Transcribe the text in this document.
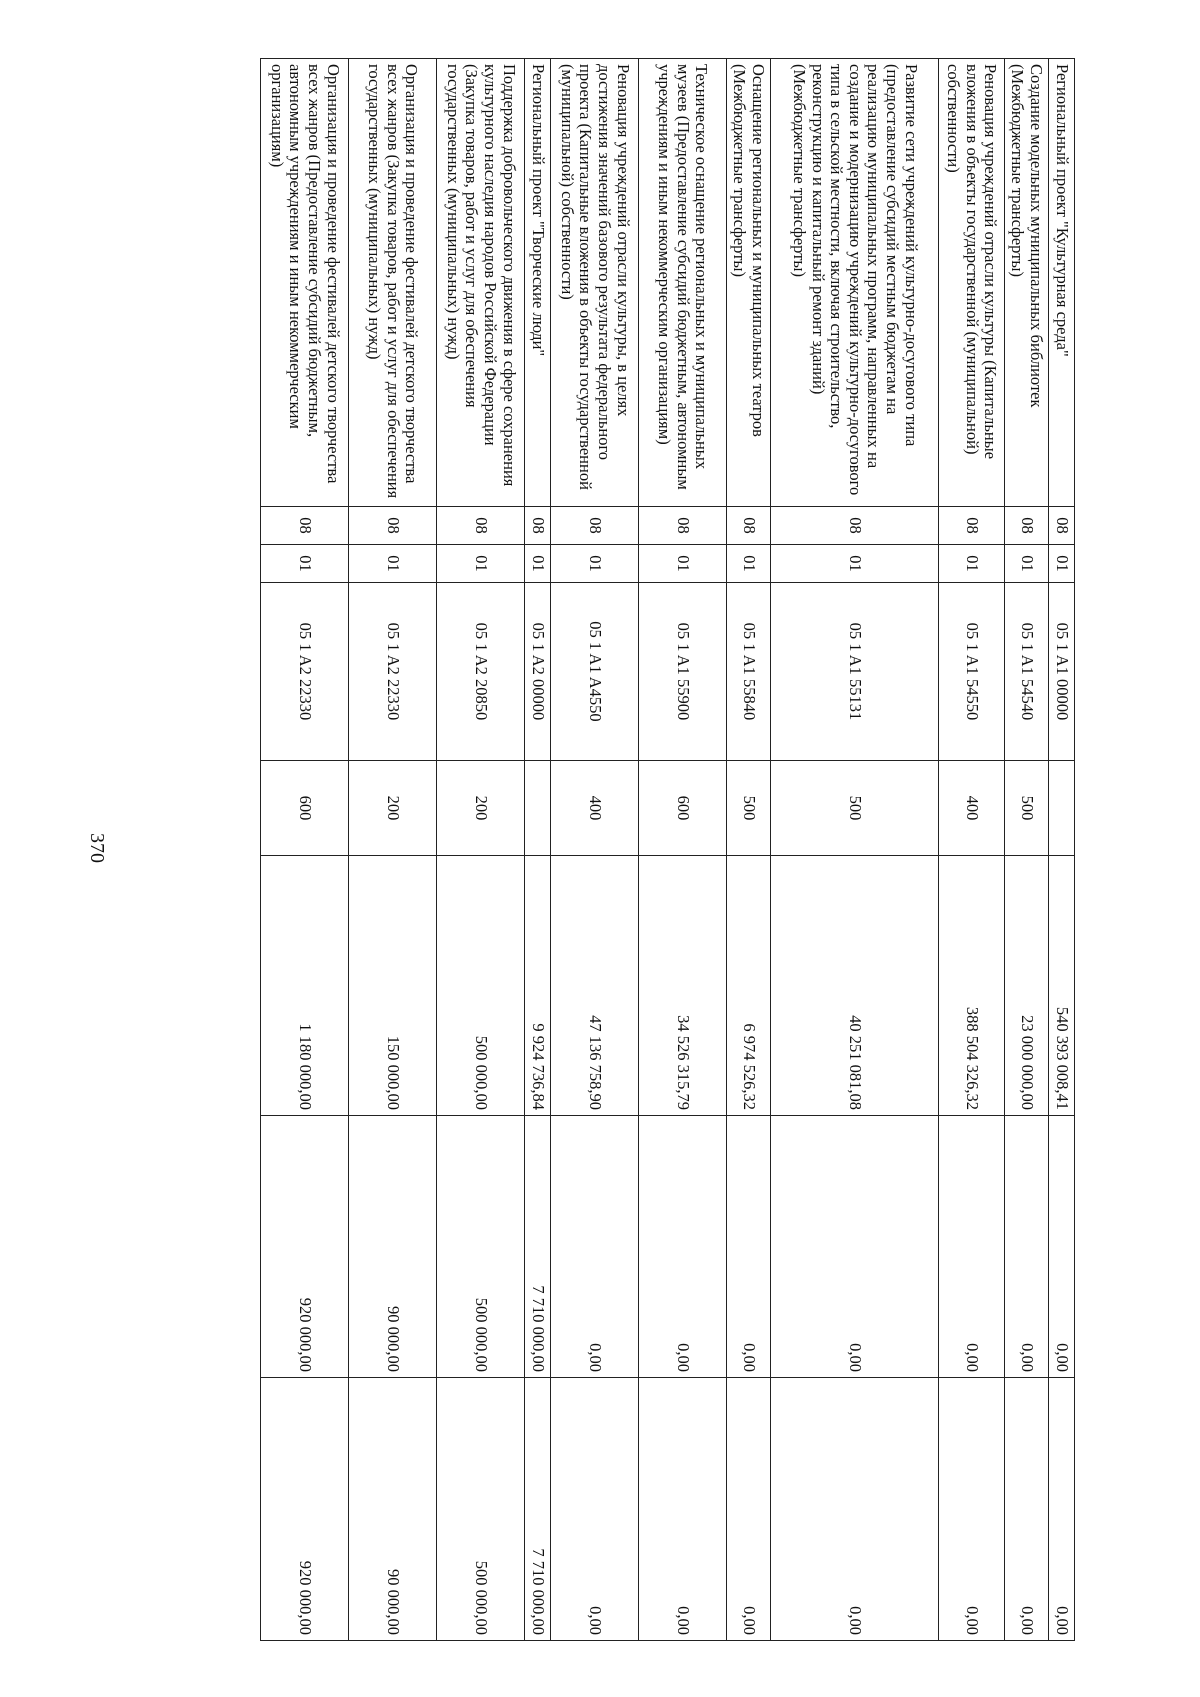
370
Региональный проект "Культурная среда"	08	01	05 1 A1 00000		540 393 008,41	0,00	0,00
Создание модельных муниципальных библиотек (Межбюджетные трансферты)	08	01	05 1 A1 54540	500	23 000 000,00	0,00	0,00
Реновация учреждений отрасли культуры (Капитальные вложения в объекты государственной (муниципальной) собственности)	08	01	05 1 A1 54550	400	388 504 326,32	0,00	0,00
Развитие сети учреждений культурно-досугового типа (предоставление субсидий местным бюджетам на реализацию муниципальных программ, направленных на создание и модернизацию учреждений культурно-досугового типа в сельской местности, включая строительство, реконструкцию и капитальный ремонт зданий) (Межбюджетные трансферты)	08	01	05 1 A1 55131	500	40 251 081,08	0,00	0,00
Оснащение региональных и муниципальных театров (Межбюджетные трансферты)	08	01	05 1 A1 55840	500	6 974 526,32	0,00	0,00
Техническое оснащение региональных и муниципальных музеев (Предоставление субсидий бюджетным, автономным учреждениям и иным некоммерческим организациям)	08	01	05 1 A1 55900	600	34 526 315,79	0,00	0,00
Реновация учреждений отрасли культуры, в целях достижения значений базового результата федерального проекта (Капитальные вложения в объекты государственной (муниципальной) собственности)	08	01	05 1 A1 A4550	400	47 136 758,90	0,00	0,00
Региональный проект "Творческие люди"	08	01	05 1 A2 00000		9 924 736,84	7 710 000,00	7 710 000,00
Поддержка добровольческого движения в сфере сохранения культурного наследия народов Российской Федерации (Закупка товаров, работ и услуг для обеспечения государственных (муниципальных) нужд)	08	01	05 1 A2 20850	200	500 000,00	500 000,00	500 000,00
Организация и проведение фестивалей детского творчества всех жанров (Закупка товаров, работ и услуг для обеспечения государственных (муниципальных) нужд)	08	01	05 1 A2 22330	200	150 000,00	90 000,00	90 000,00
Организация и проведение фестивалей детского творчества всех жанров (Предоставление субсидий бюджетным, автономным учреждениям и иным некоммерческим организациям)	08	01	05 1 A2 22330	600	1 180 000,00	920 000,00	920 000,00
